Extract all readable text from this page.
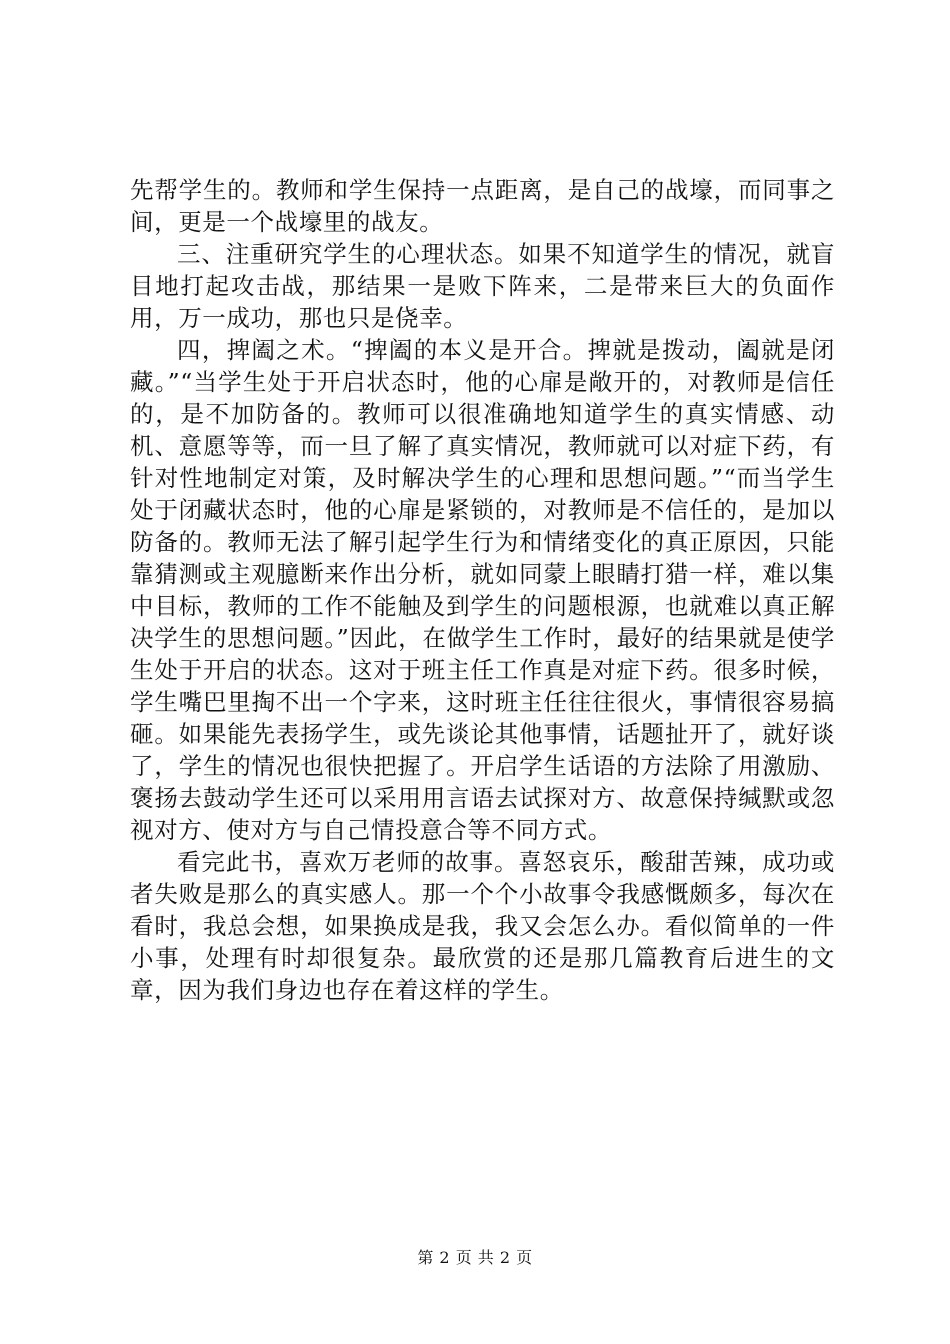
先帮学生的。教师和学生保持一点距离，是自己的战壕，而同事之间，更是一个战壕里的战友。

三、注重研究学生的心理状态。如果不知道学生的情况，就盲目地打起攻击战，那结果一是败下阵来，二是带来巨大的负面作用，万一成功，那也只是侥幸。

四，捭阖之术。“捭阖的本义是开合。捭就是拨动，阖就是闭藏。”“当学生处于开启状态时，他的心扉是敞开的，对教师是信任的，是不加防备的。教师可以很准确地知道学生的真实情感、动机、意愿等等，而一旦了解了真实情况，教师就可以对症下药，有针对性地制定对策，及时解决学生的心理和思想问题。”“而当学生处于闭藏状态时，他的心扉是紧锁的，对教师是不信任的，是加以防备的。教师无法了解引起学生行为和情绪变化的真正原因，只能靠猜测或主观臆断来作出分析，就如同蒙上眼睛打猎一样，难以集中目标，教师的工作不能触及到学生的问题根源，也就难以真正解决学生的思想问题。”因此，在做学生工作时，最好的结果就是使学生处于开启的状态。这对于班主任工作真是对症下药。很多时候，学生嘴巴里掏不出一个字来，这时班主任往往很火，事情很容易搞砸。如果能先表扬学生，或先谈论其他事情，话题扯开了，就好谈了，学生的情况也很快把握了。开启学生话语的方法除了用激励、褒扬去鼓动学生还可以采用用言语去试探对方、故意保持缄默或忽视对方、使对方与自己情投意合等不同方式。

看完此书，喜欢万老师的故事。喜怒哀乐，酸甜苦辣，成功或者失败是那么的真实感人。那一个个小故事令我感慨颇多，每次在看时，我总会想，如果换成是我，我又会怎么办。看似简单的一件小事，处理有时却很复杂。最欣赏的还是那几篇教育后进生的文章，因为我们身边也存在着这样的学生。

第 2 页 共 2 页
